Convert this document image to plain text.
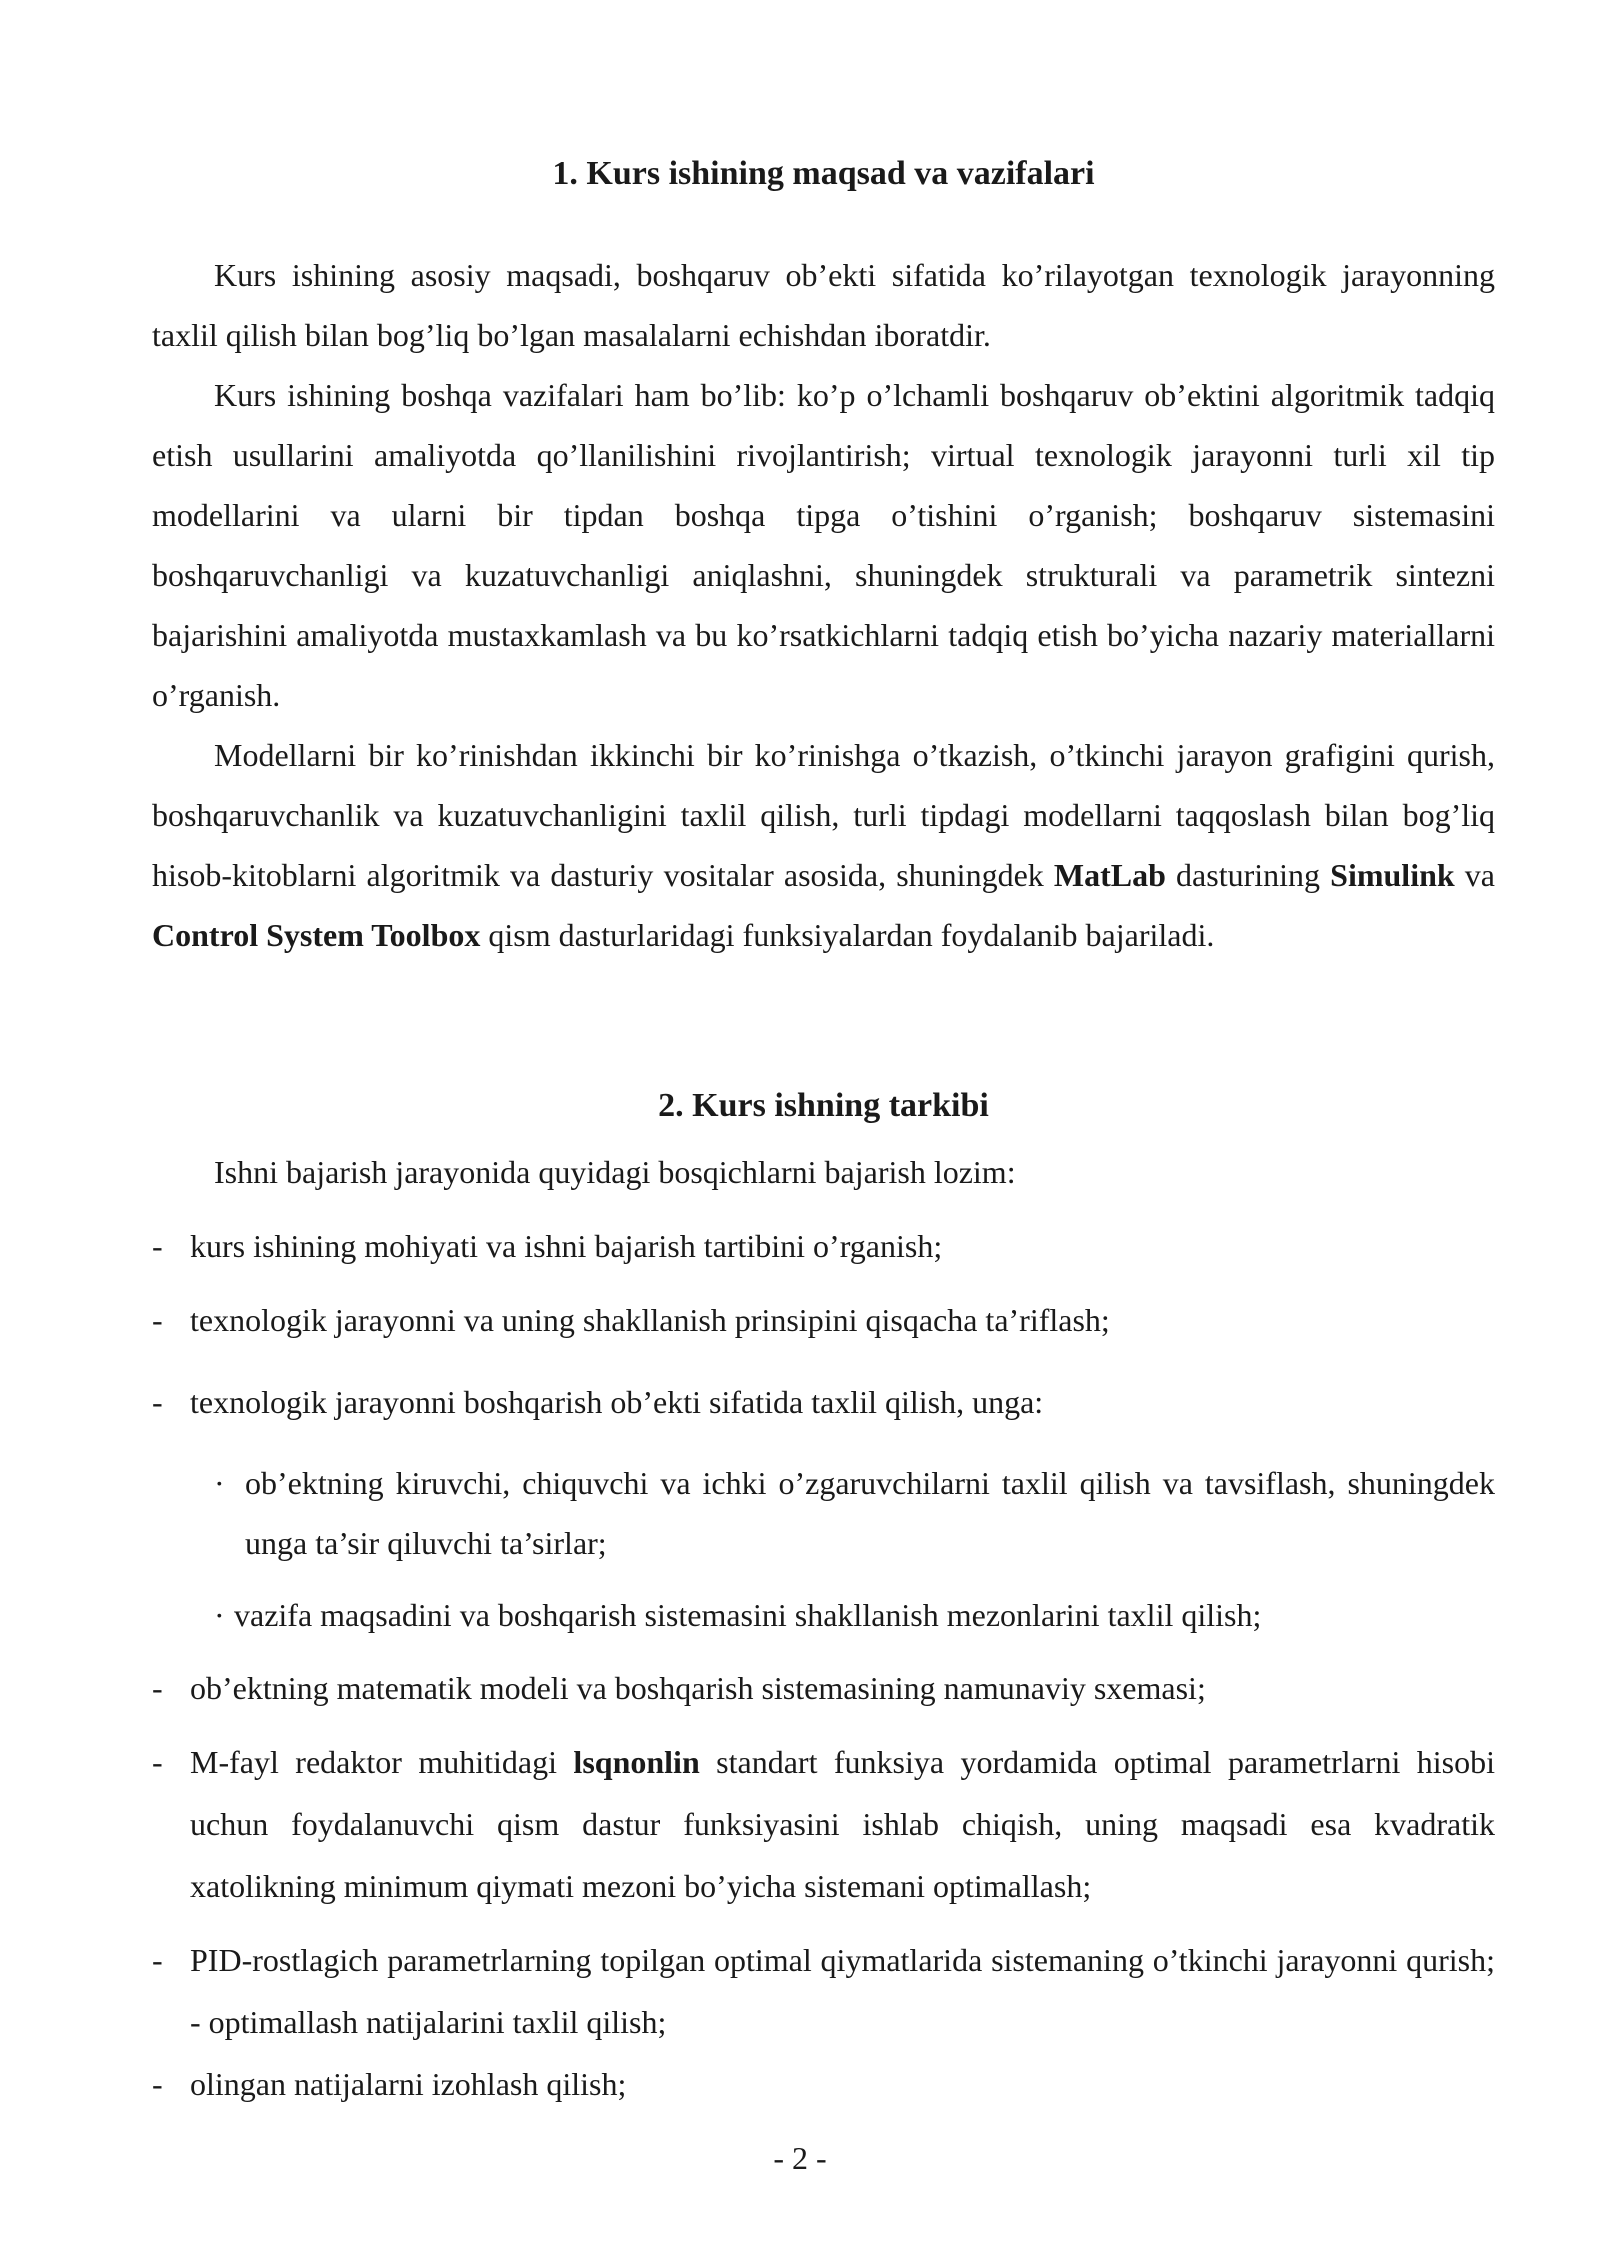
1. Kurs ishining maqsad va vazifalari

Kurs ishining asosiy maqsadi, boshqaruv ob’ekti sifatida ko’rilayotgan texnologik jarayonning taxlil qilish bilan bog’liq bo’lgan masalalarni echishdan iboratdir.

Kurs ishining boshqa vazifalari ham bo’lib: ko’p o’lchamli boshqaruv ob’ektini algoritmik tadqiq etish usullarini amaliyotda qo’llanilishini rivojlantirish; virtual texnologik jarayonni turli xil tip modellarini va ularni bir tipdan boshqa tipga o’tishini o’rganish; boshqaruv sistemasini boshqaruvchanligi va kuzatuvchanligi aniqlashni, shuningdek strukturali va parametrik sintezni bajarishini amaliyotda mustaxkamlash va bu ko’rsatkichlarni tadqiq etish bo’yicha nazariy materiallarni o’rganish.

Modellarni bir ko’rinishdan ikkinchi bir ko’rinishga o’tkazish, o’tkinchi jarayon grafigini qurish, boshqaruvchanlik va kuzatuvchanligini taxlil qilish, turli tipdagi modellarni taqqoslash bilan bog’liq hisob-kitoblarni algoritmik va dasturiy vositalar asosida, shuningdek MatLab dasturining Simulink va Control System Toolbox qism dasturlaridagi funksiyalardan foydalanib bajariladi.

2. Kurs ishning tarkibi

Ishni bajarish jarayonida quyidagi bosqichlarni bajarish lozim:

- kurs ishining mohiyati va ishni bajarish tartibini o’rganish;

- texnologik jarayonni va uning shakllanish prinsipini qisqacha ta’riflash;

- texnologik jarayonni boshqarish ob’ekti sifatida taxlil qilish, unga:

· ob’ektning kiruvchi, chiquvchi va ichki o’zgaruvchilarni taxlil qilish va tavsiflash, shuningdek unga ta’sir qiluvchi ta’sirlar;

· vazifa maqsadini va boshqarish sistemasini shakllanish mezonlarini taxlil qilish;

- ob’ektning matematik modeli va boshqarish sistemasining namunaviy sxemasi;

- M-fayl redaktor muhitidagi lsqnonlin standart funksiya yordamida optimal parametrlarni hisobi uchun foydalanuvchi qism dastur funksiyasini ishlab chiqish, uning maqsadi esa kvadratik xatolikning minimum qiymati mezoni bo’yicha sistemani optimallash;

- PID-rostlagich parametrlarning topilgan optimal qiymatlarida sistemaning o’tkinchi jarayonni qurish; - optimallash natijalarini taxlil qilish;

- olingan natijalarni izohlash qilish;

- 2 -
